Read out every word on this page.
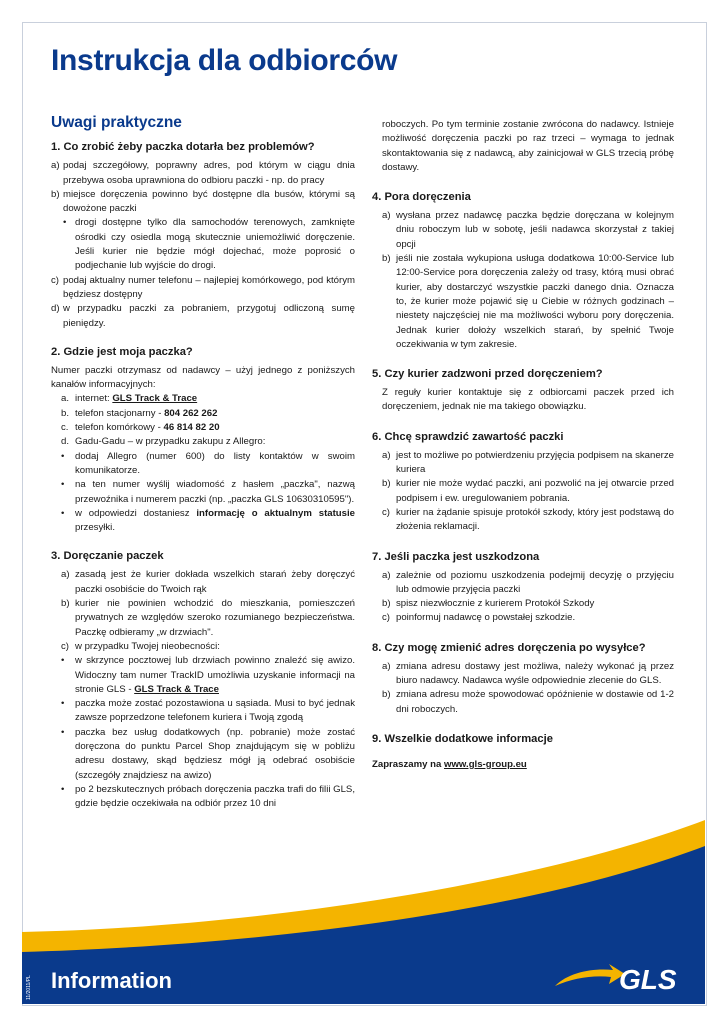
Instrukcja dla odbiorców
Uwagi praktyczne
1. Co zrobić żeby paczka dotarła bez problemów?
a) podaj szczegółowy, poprawny adres, pod którym w ciągu dnia przebywa osoba uprawniona do odbioru paczki - np. do pracy
b) miejsce doręczenia powinno być dostępne dla busów, którymi są dowożone paczki
• drogi dostępne tylko dla samochodów terenowych, zamknięte ośrodki czy osiedla mogą skutecznie uniemożliwić doręczenie. Jeśli kurier nie będzie mógł dojechać, może poprosić o podjechanie lub wyjście do drogi.
c) podaj aktualny numer telefonu – najlepiej komórkowego, pod którym będziesz dostępny
d) w przypadku paczki za pobraniem, przygotuj odliczoną sumę pieniędzy.
2. Gdzie jest moja paczka?

Numer paczki otrzymasz od nadawcy – użyj jednego z poniższych kanałów informacyjnych:

a. internet: GLS Track & Trace
b. telefon stacjonarny - 804 262 262
c. telefon komórkowy - 46 814 82 20
d. Gadu-Gadu – w przypadku zakupu z Allegro:
• dodaj Allegro (numer 600) do listy kontaktów w swoim komunikatorze.
• na ten numer wyślij wiadomość z hasłem „paczka", nazwą przewoźnika i numerem paczki (np. „paczka GLS 10630310595").
• w odpowiedzi dostaniesz informację o aktualnym statusie przesyłki.
3. Doręczanie paczek
a) zasadą jest że kurier dokłada wszelkich starań żeby doręczyć paczki osobiście do Twoich rąk
b) kurier nie powinien wchodzić do mieszkania, pomieszczeń prywatnych ze względów szeroko rozumianego bezpieczeństwa. Paczkę odbieramy „w drzwiach".
c) w przypadku Twojej nieobecności:
• w skrzynce pocztowej lub drzwiach powinno znaleźć się awizo. Widoczny tam numer TrackID umożliwia uzyskanie informacji na stronie GLS - GLS Track & Trace
• paczka może zostać pozostawiona u sąsiada. Musi to być jednak zawsze poprzedzone telefonem kuriera i Twoją zgodą
• paczka bez usług dodatkowych (np. pobranie) może zostać doręczona do punktu Parcel Shop znajdującym się w pobliżu adresu dostawy, skąd będziesz mógł ją odebrać osobiście (szczegóły znajdziesz na awizo)
• po 2 bezskutecznych próbach doręczenia paczka trafi do filii GLS, gdzie będzie oczekiwała na odbiór przez 10 dni

roboczych. Po tym terminie zostanie zwrócona do nadawcy. Istnieje możliwość doręczenia paczki po raz trzeci – wymaga to jednak skontaktowania się z nadawcą, aby zainicjował w GLS trzecią próbę dostawy.

4. Pora doręczenia
a) wysłana przez nadawcę paczka będzie doręczana w kolejnym dniu roboczym lub w sobotę, jeśli nadawca skorzystał z takiej opcji
b) jeśli nie została wykupiona usługa dodatkowa 10:00-Service lub 12:00-Service pora doręczenia zależy od trasy, którą musi obrać kurier, aby dostarczyć wszystkie paczki danego dnia. Oznacza to, że kurier może pojawić się u Ciebie w różnych godzinach – niestety najczęściej nie ma możliwości wyboru pory doręczenia. Jednak kurier dołoży wszelkich starań, by spełnić Twoje oczekiwania w tym zakresie.
5. Czy kurier zadzwoni przed doręczeniem?

Z reguły kurier kontaktuje się z odbiorcami paczek przed ich doręczeniem, jednak nie ma takiego obowiązku.

6. Chcę sprawdzić zawartość paczki
a) jest to możliwe po potwierdzeniu przyjęcia podpisem na skanerze kuriera
b) kurier nie może wydać paczki, ani pozwolić na jej otwarcie przed podpisem i ew. uregulowaniem pobrania.
c) kurier na żądanie spisuje protokół szkody, który jest podstawą do złożenia reklamacji.
7. Jeśli paczka jest uszkodzona
a) zależnie od poziomu uszkodzenia podejmij decyzję o przyjęciu lub odmowie przyjęcia paczki
b) spisz niezwłocznie z kurierem Protokół Szkody
c) poinformuj nadawcę o powstałej szkodzie.
8. Czy mogę zmienić adres doręczenia po wysyłce?
a) zmiana adresu dostawy jest możliwa, należy wykonać ją przez biuro nadawcy. Nadawca wyśle odpowiednie zlecenie do GLS.
b) zmiana adresu może spowodować opóźnienie w dostawie od 1-2 dni roboczych.
9. Wszelkie dodatkowe informacje

Zapraszamy na www.gls-group.eu

Information
11/2011/PL	GLS
